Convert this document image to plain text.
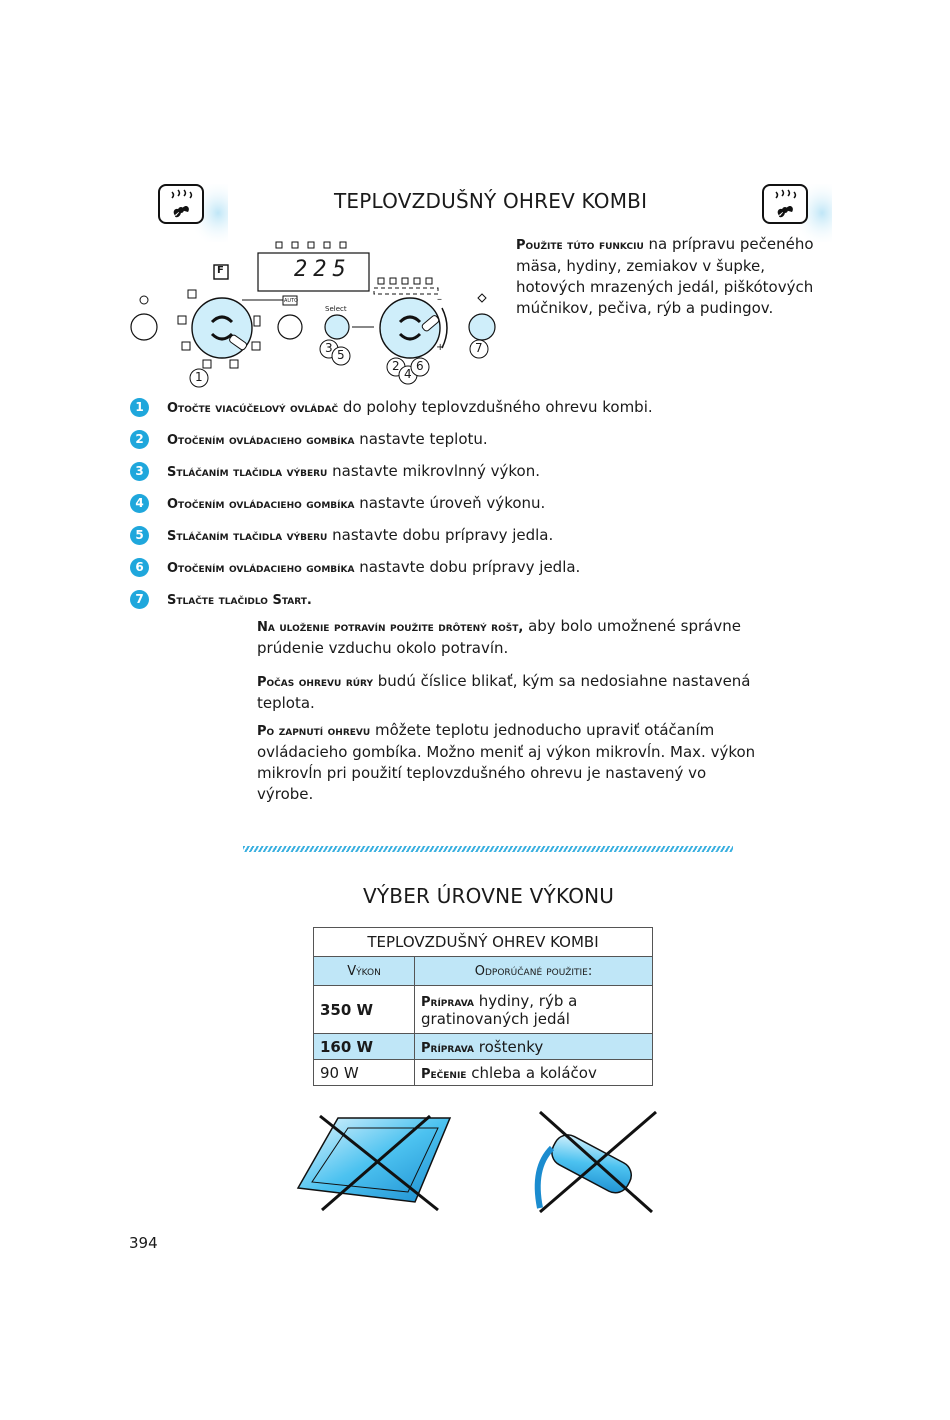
TEPLOVZDUŠNÝ OHREV KOMBI
225
F
Select
AUTO
+
–
1
3 5
2
4
6
7
Použite túto funkciu na prípravu pečeného mäsa, hydiny, zemiakov v šupke, hotových mrazených jedál, piškótových múčnikov, pečiva, rýb a pudingov.
1	Otočte viacúčelový ovládač do polohy teplovzdušného ohrevu kombi.
2	Otočením ovládacieho gombíka nastavte teplotu.
3	Stláčaním tlačidla výberu nastavte mikrovlnný výkon.
4	Otočením ovládacieho gombíka nastavte úroveň výkonu.
5	Stláčaním tlačidla výberu nastavte dobu prípravy jedla.
6	Otočením ovládacieho gombíka nastavte dobu prípravy jedla.
7	Stlačte tlačidlo Start.
Na uloženie potravín použite drôtený rošt, aby bolo umožnené správne prúdenie vzduchu okolo potravín.
Počas ohrevu rúry budú číslice blikať, kým sa nedosiahne nastavená teplota.
Po zapnutí ohrevu môžete teplotu jednoducho upraviť otáčaním ovládacieho gombíka. Možno meniť aj výkon mikrovĺn. Max. výkon mikrovĺn pri použití teplovzdušného ohrevu je nastavený vo výrobe.
VÝBER ÚROVNE VÝKONU
TEPLOVZDUŠNÝ OHREV KOMBI	
Výkon	Odporúčané použitie:
350 W	Príprava hydiny, rýb a gratinovaných jedál
160 W	Príprava roštenky
90 W	Pečenie chleba a koláčov
394
